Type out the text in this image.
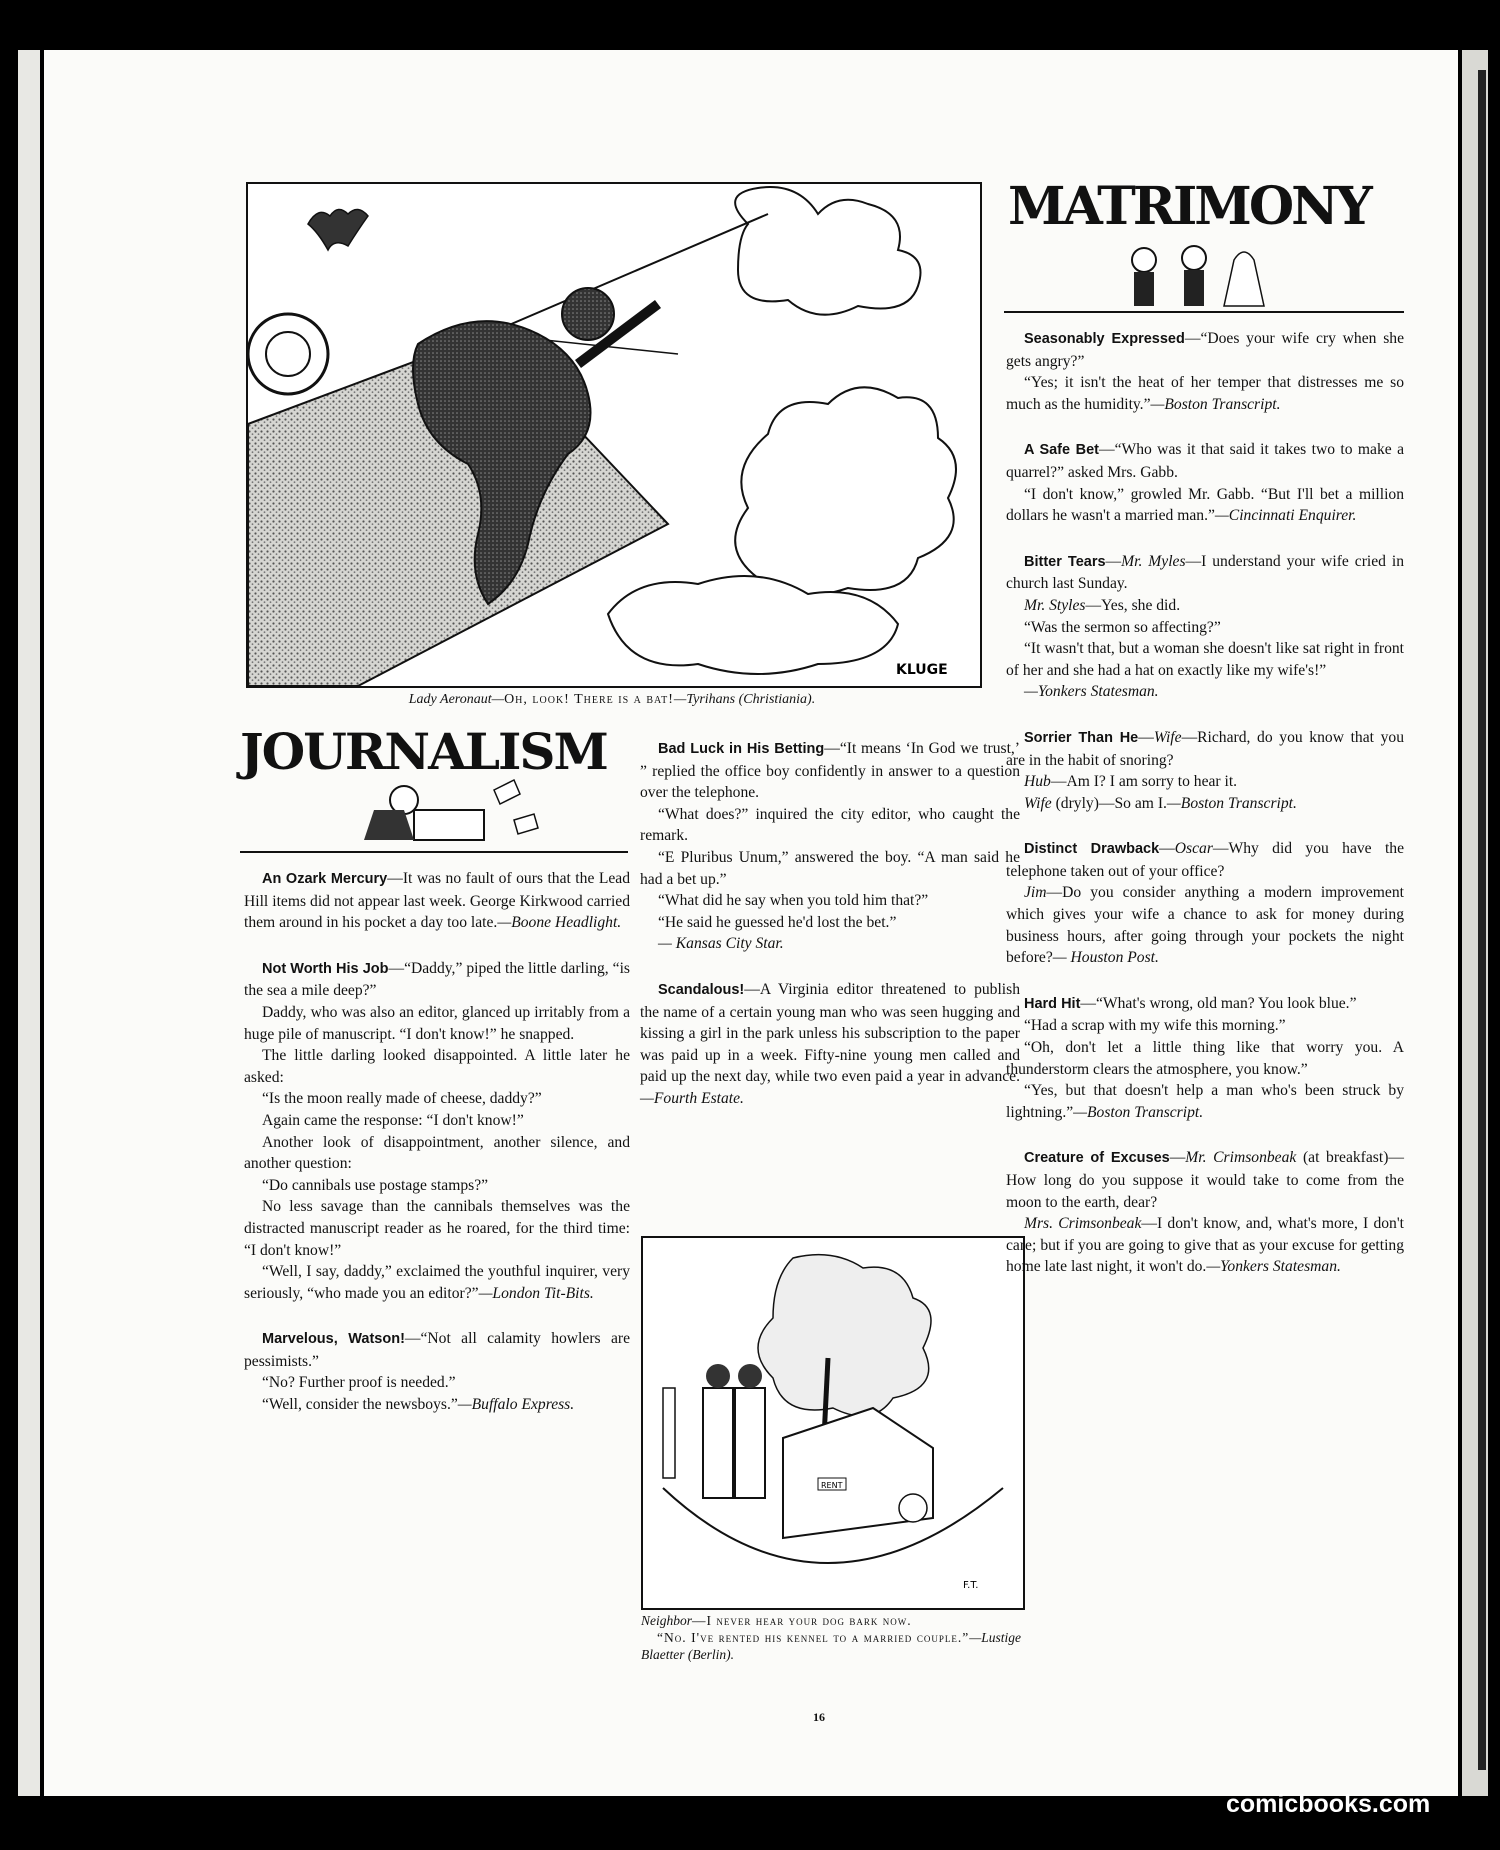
KLUGE
Lady Aeronaut—Oh, look! There is a bat!—Tyrihans (Christiania).
JOURNALISM

An Ozark Mercury—It was no fault of ours that the Lead Hill items did not appear last week. George Kirkwood carried them around in his pocket a day too late.—Boone Headlight.

Not Worth His Job—“Daddy,” piped the little darling, “is the sea a mile deep?”

Daddy, who was also an editor, glanced up irritably from a huge pile of manuscript. “I don't know!” he snapped.

The little darling looked disappointed. A little later he asked:

“Is the moon really made of cheese, daddy?”

Again came the response: “I don't know!”

Another look of disappointment, another silence, and another question:

“Do cannibals use postage stamps?”

No less savage than the cannibals themselves was the distracted manuscript reader as he roared, for the third time: “I don't know!”

“Well, I say, daddy,” exclaimed the youthful inquirer, very seriously, “who made you an editor?”—London Tit-Bits.

Marvelous, Watson!—“Not all calamity howlers are pessimists.”

“No? Further proof is needed.”

“Well, consider the newsboys.”—Buffalo Express.

Bad Luck in His Betting—“It means ‘In God we trust,’ ” replied the office boy confidently in answer to a question over the telephone.

“What does?” inquired the city editor, who caught the remark.

“E Pluribus Unum,” answered the boy. “A man said he had a bet up.”

“What did he say when you told him that?”

“He said he guessed he'd lost the bet.”

— Kansas City Star.

Scandalous!—A Virginia editor threatened to publish the name of a certain young man who was seen hugging and kissing a girl in the park unless his subscription to the paper was paid up in a week. Fifty-nine young men called and paid up the next day, while two even paid a year in advance.—Fourth Estate.

RENT
F.T.
Neighbor—I never hear your dog bark now.
“No. I've rented his kennel to a married couple.”—Lustige Blaetter (Berlin).
MATRIMONY

Seasonably Expressed—“Does your wife cry when she gets angry?”

“Yes; it isn't the heat of her temper that distresses me so much as the humidity.”—Boston Transcript.

A Safe Bet—“Who was it that said it takes two to make a quarrel?” asked Mrs. Gabb.

“I don't know,” growled Mr. Gabb. “But I'll bet a million dollars he wasn't a married man.”—Cincinnati Enquirer.

Bitter Tears—Mr. Myles—I understand your wife cried in church last Sunday.

Mr. Styles—Yes, she did.

“Was the sermon so affecting?”

“It wasn't that, but a woman she doesn't like sat right in front of her and she had a hat on exactly like my wife's!”

—Yonkers Statesman.

Sorrier Than He—Wife—Richard, do you know that you are in the habit of snoring?

Hub—Am I? I am sorry to hear it.

Wife (dryly)—So am I.—Boston Transcript.

Distinct Drawback—Oscar—Why did you have the telephone taken out of your office?

Jim—Do you consider anything a modern improvement which gives your wife a chance to ask for money during business hours, after going through your pockets the night before?— Houston Post.

Hard Hit—“What's wrong, old man? You look blue.”

“Had a scrap with my wife this morning.”

“Oh, don't let a little thing like that worry you. A thunderstorm clears the atmosphere, you know.”

“Yes, but that doesn't help a man who's been struck by lightning.”—Boston Transcript.

Creature of Excuses—Mr. Crimsonbeak (at breakfast)—How long do you suppose it would take to come from the moon to the earth, dear?

Mrs. Crimsonbeak—I don't know, and, what's more, I don't care; but if you are going to give that as your excuse for getting home late last night, it won't do.—Yonkers Statesman.

16
comicbooks.com
